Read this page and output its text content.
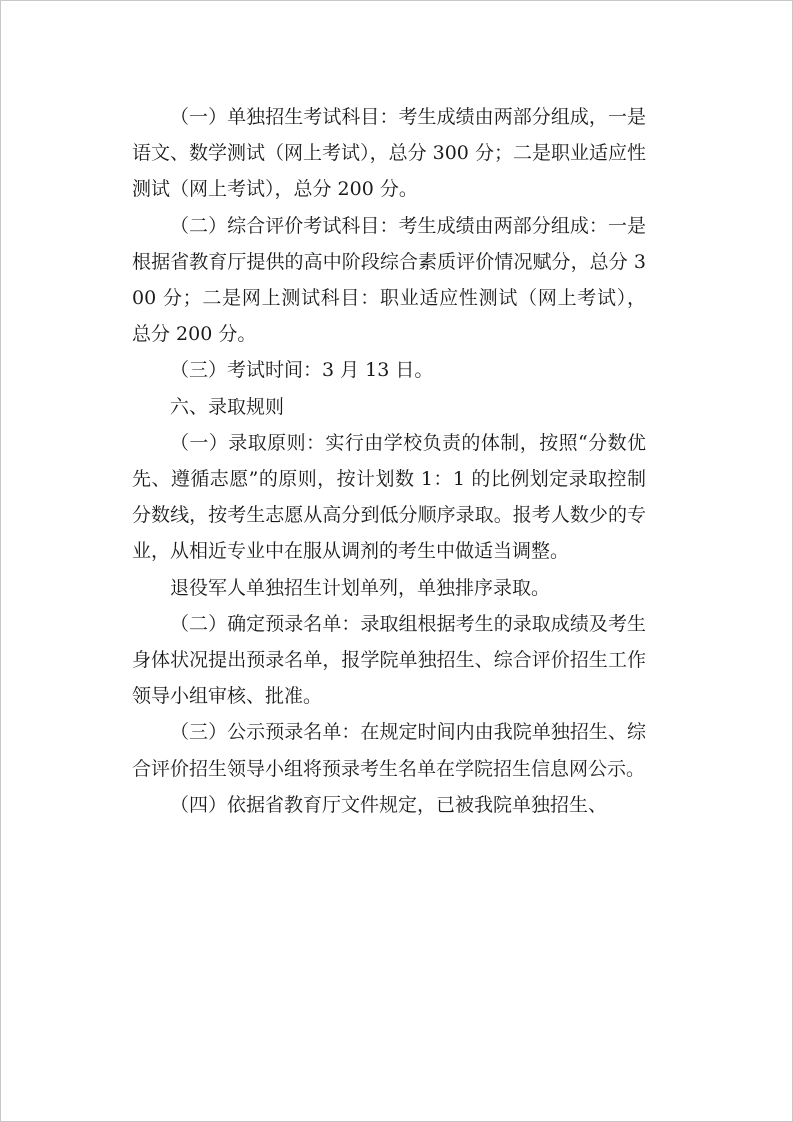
（一）单独招生考试科目：考生成绩由两部分组成，一是语文、数学测试（网上考试），总分 300 分；二是职业适应性测试（网上考试），总分 200 分。

（二）综合评价考试科目：考生成绩由两部分组成：一是根据省教育厅提供的高中阶段综合素质评价情况赋分，总分 300 分；二是网上测试科目：职业适应性测试（网上考试），总分 200 分。

（三）考试时间：3 月 13 日。

六、录取规则

（一）录取原则：实行由学校负责的体制，按照“分数优先、遵循志愿”的原则，按计划数 1：1 的比例划定录取控制分数线，按考生志愿从高分到低分顺序录取。报考人数少的专业，从相近专业中在服从调剂的考生中做适当调整。

退役军人单独招生计划单列，单独排序录取。

（二）确定预录名单：录取组根据考生的录取成绩及考生身体状况提出预录名单，报学院单独招生、综合评价招生工作领导小组审核、批准。

（三）公示预录名单：在规定时间内由我院单独招生、综合评价招生领导小组将预录考生名单在学院招生信息网公示。

（四）依据省教育厅文件规定，已被我院单独招生、
